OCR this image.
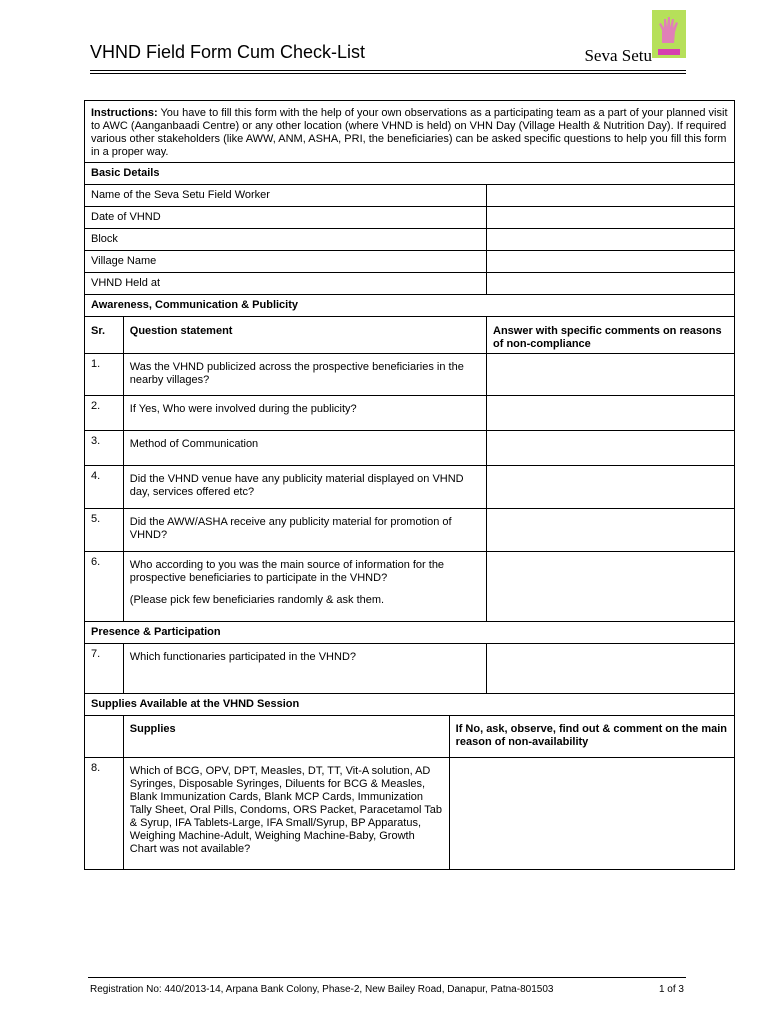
VHND Field Form Cum Check-List	Seva Setu
Instructions: You have to fill this form with the help of your own observations as a participating team as a part of your planned visit to AWC (Aanganbaadi Centre) or any other location (where VHND is held) on VHN Day (Village Health & Nutrition Day). If required various other stakeholders (like AWW, ANM, ASHA, PRI, the beneficiaries) can be asked specific questions to help you fill this form in a proper way.			
Basic Details			
Name of the Seva Setu Field Worker			
Date of VHND			
Block			
Village Name			
VHND Held at			
Awareness, Communication & Publicity			
Sr.	Question statement		Answer with specific comments on reasons of non-compliance
1.	Was the VHND publicized across the prospective beneficiaries in the nearby villages?		
2.	If Yes, Who were involved during the publicity?		
3.	Method of Communication		
4.	Did the VHND venue have any publicity material displayed on VHND day, services offered etc?		
5.	Did the AWW/ASHA receive any publicity material for promotion of VHND?		
6.	Who according to you was the main source of information for the prospective beneficiaries to participate in the VHND?
(Please pick few beneficiaries randomly & ask them.		

Presence & Participation			
7.	Which functionaries participated in the VHND?		
Supplies Available at the VHND Session			
	Supplies	If No, ask, observe, find out & comment on the main reason of non-availability	
8.	Which of BCG, OPV, DPT, Measles, DT, TT, Vit-A solution, AD Syringes, Disposable Syringes, Diluents for BCG & Measles, Blank Immunization Cards, Blank MCP Cards, Immunization Tally Sheet, Oral Pills, Condoms, ORS Packet, Paracetamol Tab & Syrup, IFA Tablets-Large, IFA Small/Syrup, BP Apparatus, Weighing Machine-Adult, Weighing Machine-Baby, Growth Chart was not available?		
Registration No: 440/2013-14, Arpana Bank Colony, Phase-2, New Bailey Road, Danapur, Patna-801503	1 of 3
